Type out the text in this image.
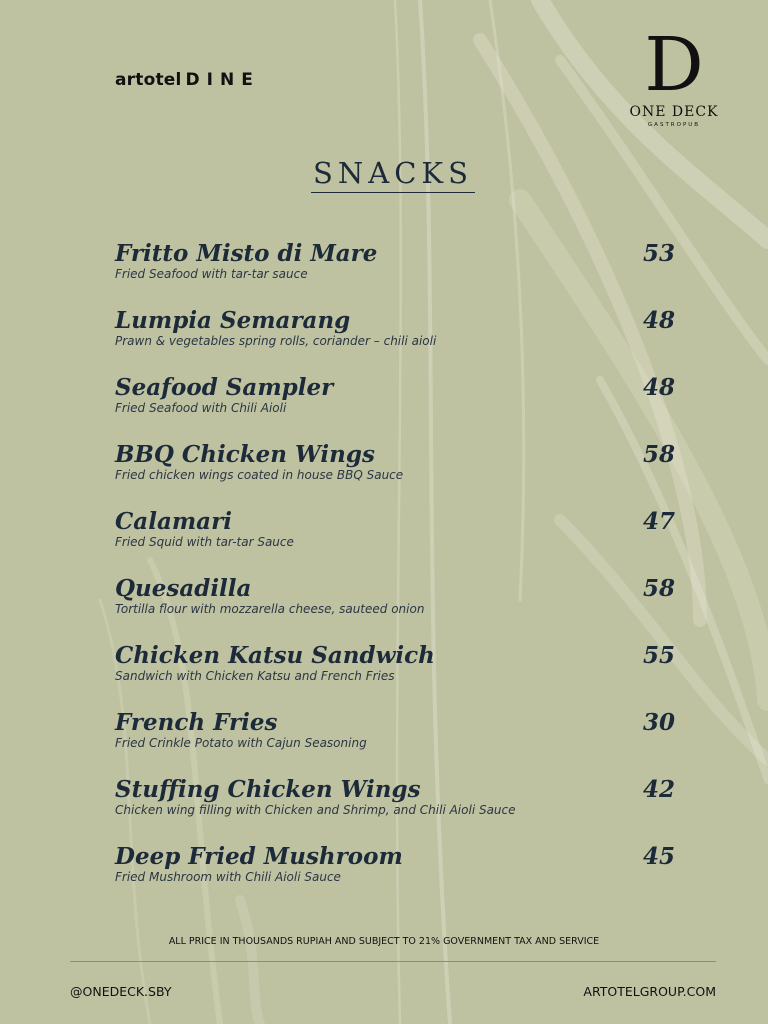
artotel DINE	D
ONE DECK
GASTROPUB
SNACKS
Fritto Misto di Mare
Fried Seafood with tar-tar sauce
53
Lumpia Semarang
Prawn & vegetables spring rolls, coriander – chili aioli
48
Seafood Sampler
Fried Seafood with Chili Aioli
48
BBQ Chicken Wings
Fried chicken wings coated in house BBQ Sauce
58
Calamari
Fried Squid with tar-tar Sauce
47
Quesadilla
Tortilla flour with mozzarella cheese, sauteed onion
58
Chicken Katsu Sandwich
Sandwich with Chicken Katsu and French Fries
55
French Fries
Fried Crinkle Potato with Cajun Seasoning
30
Stuffing Chicken Wings
Chicken wing filling with Chicken and Shrimp, and Chili Aioli Sauce
42
Deep Fried Mushroom
Fried Mushroom with Chili Aioli Sauce
45
ALL PRICE IN THOUSANDS RUPIAH AND SUBJECT TO 21% GOVERNMENT TAX AND SERVICE
@ONEDECK.SBY	ARTOTELGROUP.COM
